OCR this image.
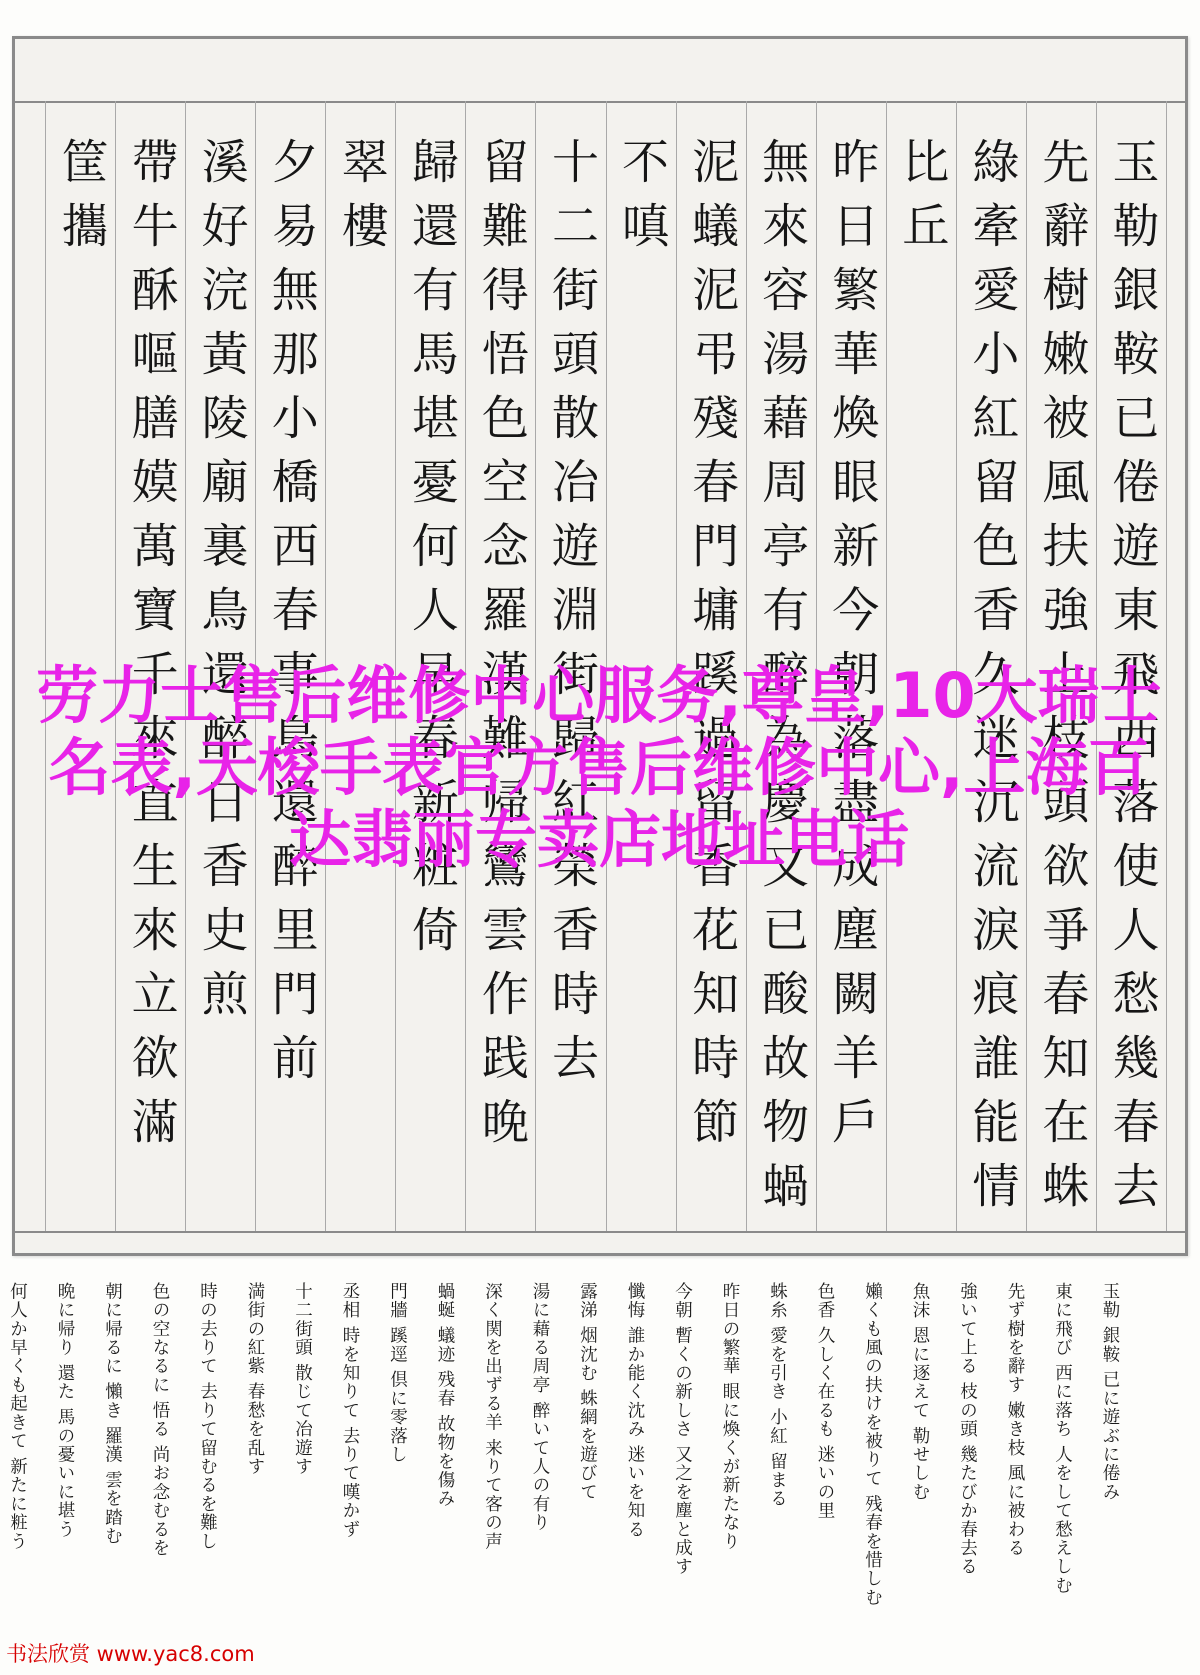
玉勒銀鞍已倦遊東飛西落使人愁幾春去
先辭樹嫩被風扶強上枝頭欲爭春知在蛛
綠牽愛小紅留色香久迷沉流淚痕誰能情
比丘
昨日繁華煥眼新今朝落盡成塵闕羊戶
無來容湯藉周亭有醉為慶又已酸故物蝸
泥蟻泥弔殘春門墉蹊過留香花知時節
不嗔
十二街頭散冶遊淵街歸紅榮香時去
留難得悟色空念羅漢難帰鸞雲作践晚
歸還有馬堪憂何人早春新粧倚
翠樓
夕易無那小橋西春事鳥還醉里門前
溪好浣黃陵廟裏鳥還醉日香史煎
帶牛酥嘔膳嫫萬寶千來直生來立欲滿
筐攜
劳力士售后维修中心服务,尊皇,10大瑞士名表,天梭手表官方售后维修中心,上海百达翡丽专卖店地址电话
玉勒 銀鞍 已に遊ぶに倦み
東に飛び 西に落ち 人をして愁えしむ
先ず樹を辭す 嫩き枝 風に被わる
強いて上る 枝の頭 幾たびか春去る
魚沫 恩に逐えて 勒せしむ
嬾くも風の扶けを被りて 残春を惜しむ
色香 久しく在るも 迷いの里
蛛糸 愛を引き 小紅 留まる
昨日の繁華 眼に煥くが新たなり
今朝 暫くの新しさ 又之を塵と成す
懺悔 誰か能く沈み 迷いを知る
露涕 烟沈む 蛛網を遊びて
湯に藉る周亭 醉いて人の有り
深く関を出ずる羊 来りて客の声
蝸蜒 蟻迹 残春 故物を傷み
門牆 蹊逕 倶に零落し
丞相 時を知りて 去りて嘆かず
十二街頭 散じて冶遊す
満街の紅紫 春愁を乱す
時の去りて 去りて留むるを難し
色の空なるに 悟る 尚お念むるを
朝に帰るに 懶き 羅漢 雲を踏む
晩に帰り 還た 馬の憂いに堪う
何人か早くも起きて 新たに粧う

书法欣赏 www.yac8.com
